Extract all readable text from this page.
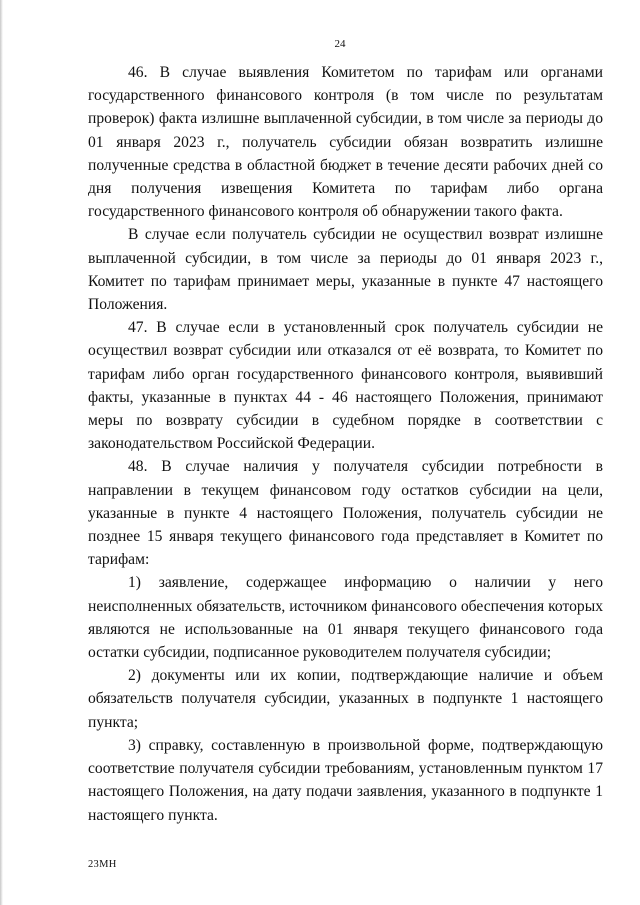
24

46. В случае выявления Комитетом по тарифам или органами государственного финансового контроля (в том числе по результатам проверок) факта излишне выплаченной субсидии, в том числе за периоды до 01 января 2023 г., получатель субсидии обязан возвратить излишне полученные средства в областной бюджет в течение десяти рабочих дней со дня получения извещения Комитета по тарифам либо органа государственного финансового контроля об обнаружении такого факта.

В случае если получатель субсидии не осуществил возврат излишне выплаченной субсидии, в том числе за периоды до 01 января 2023 г., Комитет по тарифам принимает меры, указанные в пункте 47 настоящего Положения.

47. В случае если в установленный срок получатель субсидии не осуществил возврат субсидии или отказался от её возврата, то Комитет по тарифам либо орган государственного финансового контроля, выявивший факты, указанные в пунктах 44 - 46 настоящего Положения, принимают меры по возврату субсидии в судебном порядке в соответствии с законодательством Российской Федерации.

48. В случае наличия у получателя субсидии потребности в направлении в текущем финансовом году остатков субсидии на цели, указанные в пункте 4 настоящего Положения, получатель субсидии не позднее 15 января текущего финансового года представляет в Комитет по тарифам:

1) заявление, содержащее информацию о наличии у него неисполненных обязательств, источником финансового обеспечения которых являются не использованные на 01 января текущего финансового года остатки субсидии, подписанное руководителем получателя субсидии;

2) документы или их копии, подтверждающие наличие и объем обязательств получателя субсидии, указанных в подпункте 1 настоящего пункта;

3) справку, составленную в произвольной форме, подтверждающую соответствие получателя субсидии требованиям, установленным пунктом 17 настоящего Положения, на дату подачи заявления, указанного в подпункте 1 настоящего пункта.

23МН
